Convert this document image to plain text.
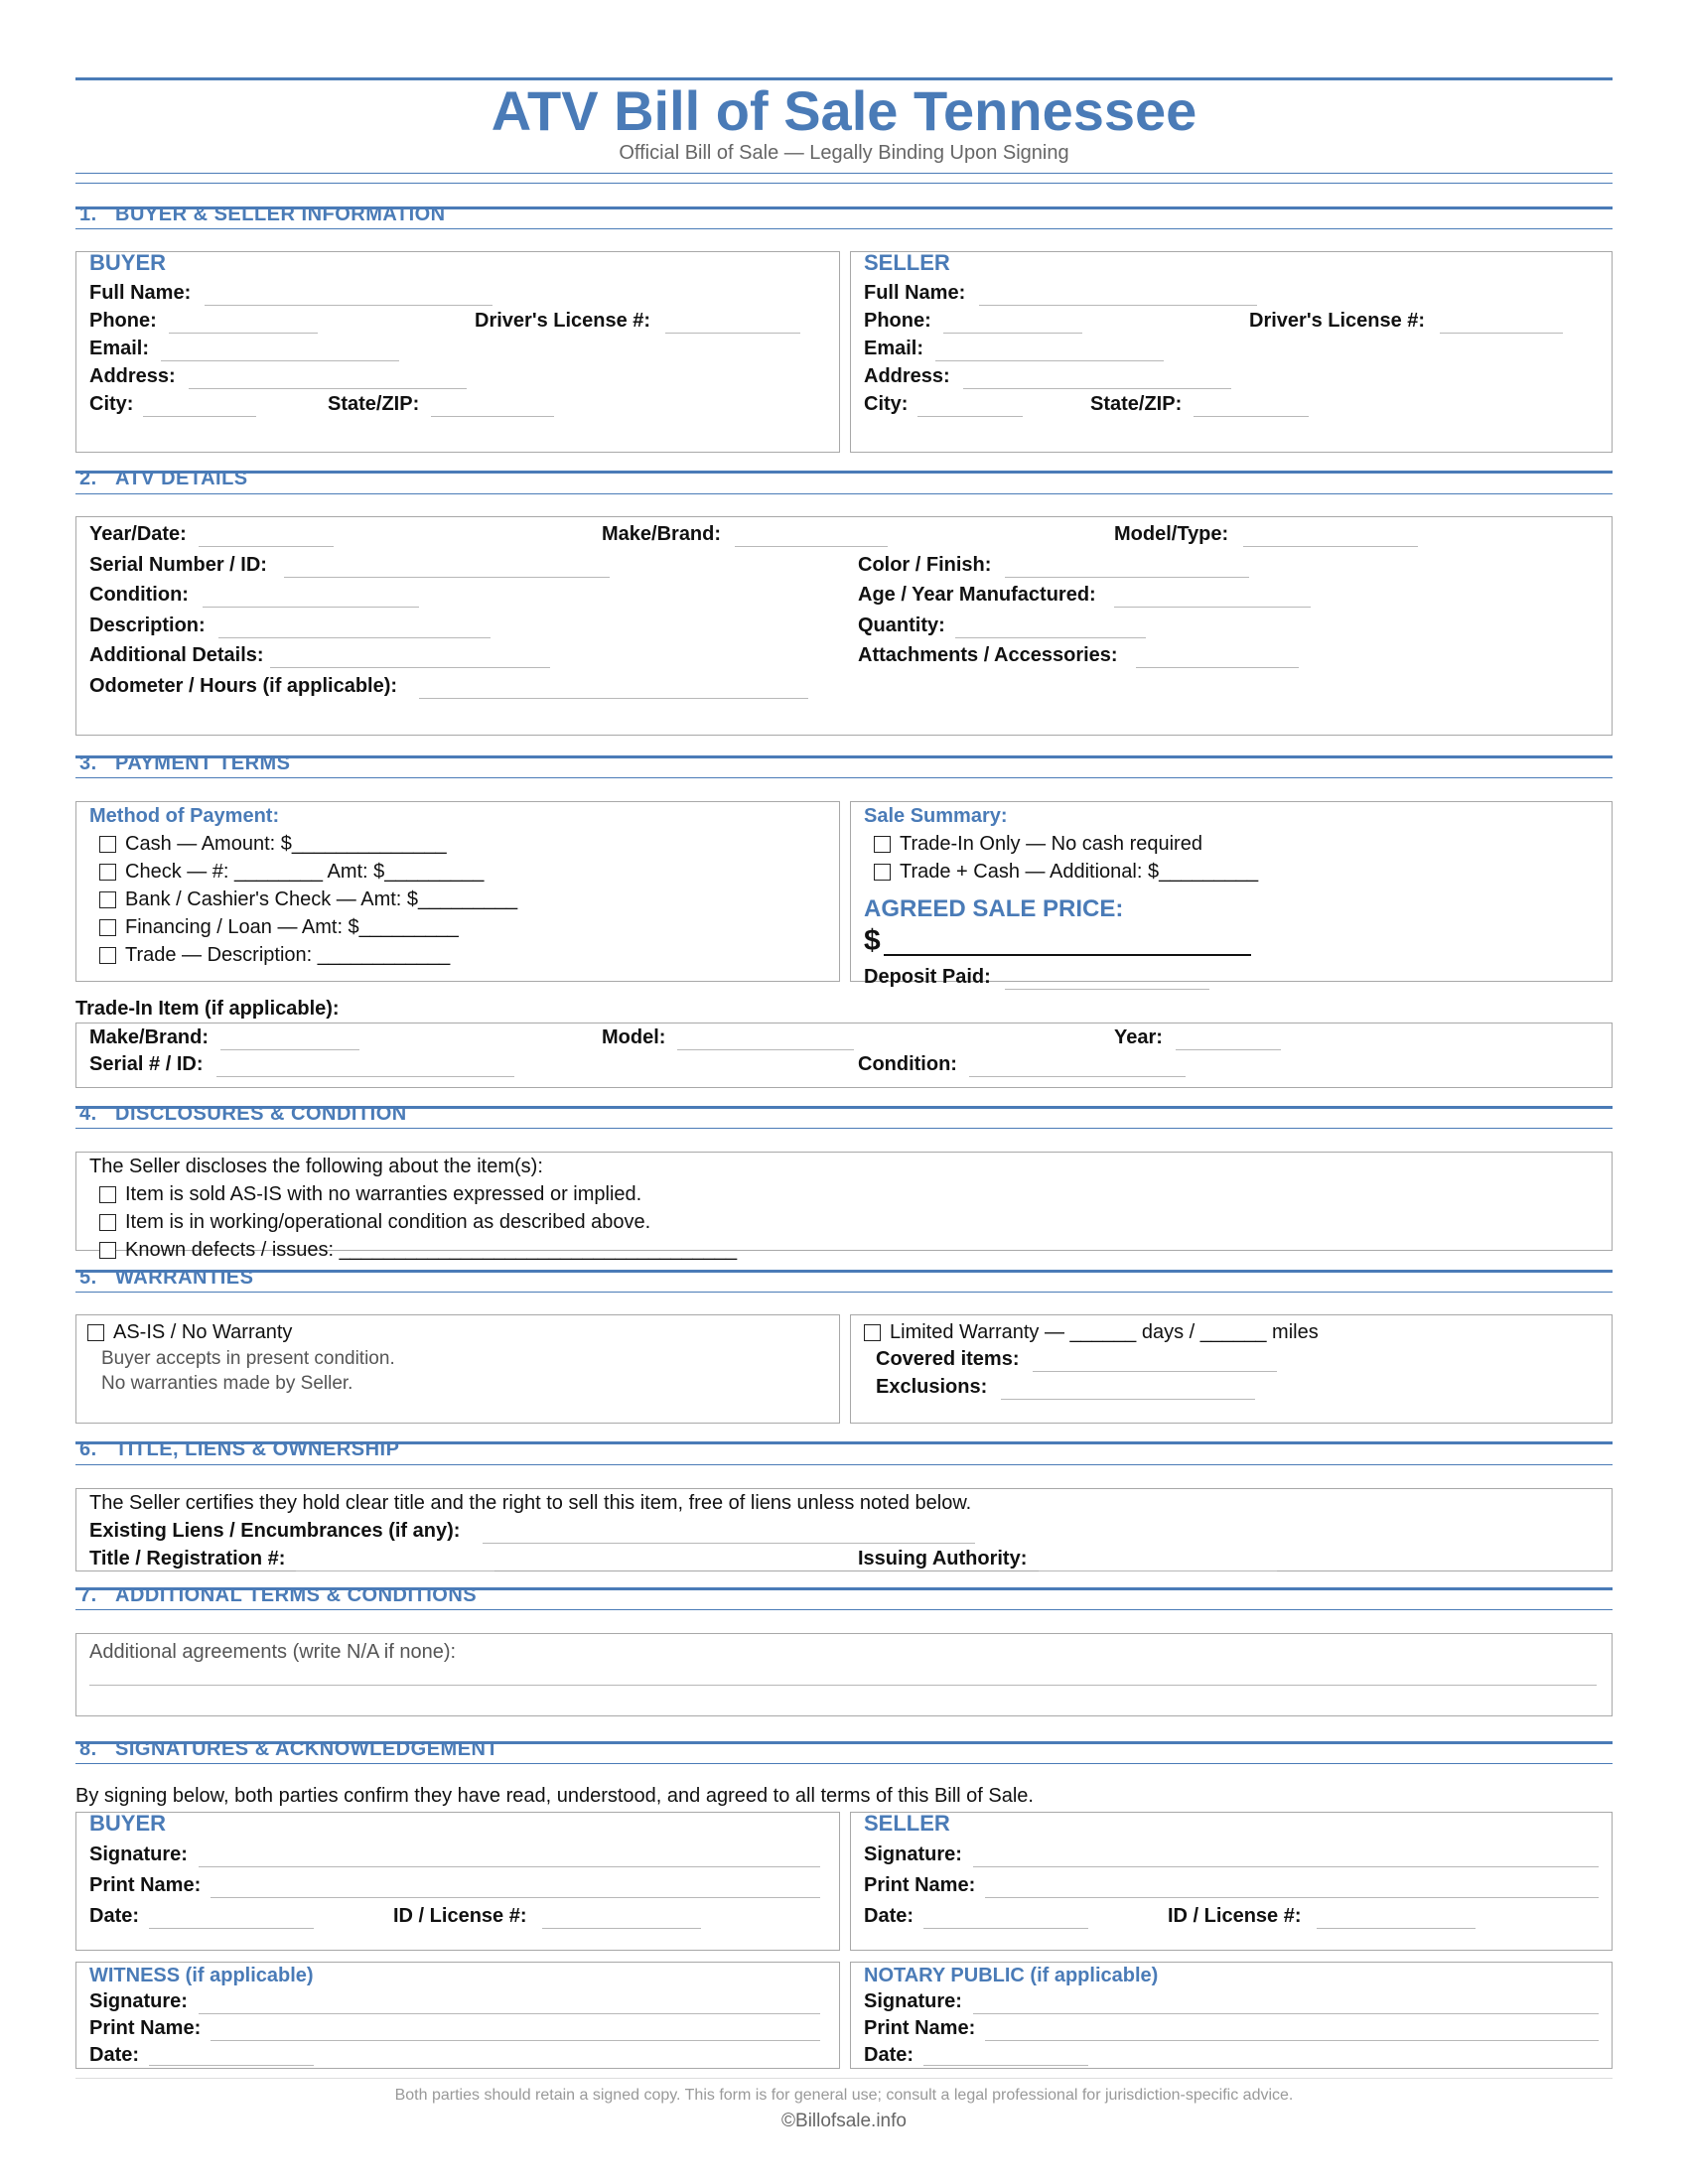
ATV Bill of Sale Tennessee
Official Bill of Sale — Legally Binding Upon Signing
1. BUYER & SELLER INFORMATION
BUYER
Full Name:
Phone:	Driver's License #:
Email:
Address:
City:	State/ZIP:
SELLER
Full Name:
Phone:	Driver's License #:
Email:
Address:
City:	State/ZIP:
2. ATV DETAILS
Year/Date:	Make/Brand:	Model/Type:
Serial Number / ID:	Color / Finish:
Condition:	Age / Year Manufactured:
Description:	Quantity:
Additional Details:	Attachments / Accessories:
Odometer / Hours (if applicable):
3. PAYMENT TERMS
Method of Payment:
Cash — Amount: $______________
Check — #: ________ Amt: $_________
Bank / Cashier's Check — Amt: $_________
Financing / Loan — Amt: $_________
Trade — Description: ____________
Sale Summary:
Trade-In Only — No cash required
Trade + Cash — Additional: $_________
AGREED SALE PRICE:
$
Deposit Paid:
Trade-In Item (if applicable):
Make/Brand:	Model:	Year:
Serial # / ID:	Condition:
4. DISCLOSURES & CONDITION
The Seller discloses the following about the item(s):
Item is sold AS-IS with no warranties expressed or implied.
Item is in working/operational condition as described above.
Known defects / issues: ____________________________________
5. WARRANTIES
AS-IS / No Warranty
Buyer accepts in present condition.
No warranties made by Seller.
Limited Warranty — ______ days / ______ miles
Covered items:
Exclusions:
6. TITLE, LIENS & OWNERSHIP
The Seller certifies they hold clear title and the right to sell this item, free of liens unless noted below.
Existing Liens / Encumbrances (if any):
Title / Registration #:	Issuing Authority:
7. ADDITIONAL TERMS & CONDITIONS
Additional agreements (write N/A if none):
8. SIGNATURES & ACKNOWLEDGEMENT
By signing below, both parties confirm they have read, understood, and agreed to all terms of this Bill of Sale.
BUYER
Signature:
Print Name:
Date:	ID / License #:
SELLER
Signature:
Print Name:
Date:	ID / License #:
WITNESS (if applicable)
Signature:
Print Name:
Date:
NOTARY PUBLIC (if applicable)
Signature:
Print Name:
Date:
Both parties should retain a signed copy. This form is for general use; consult a legal professional for jurisdiction-specific advice.
©Billofsale.info
